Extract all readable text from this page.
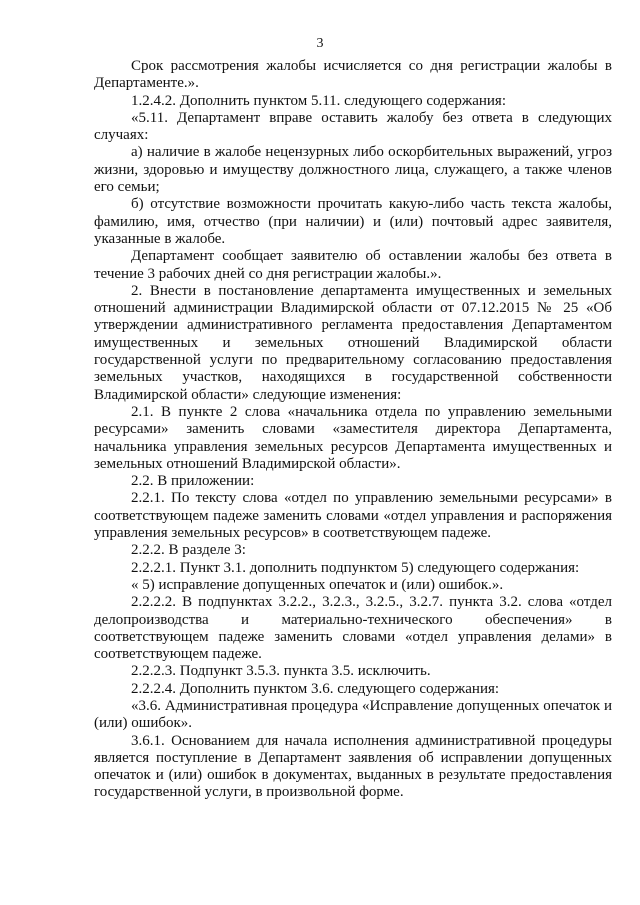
3

Срок рассмотрения жалобы исчисляется со дня регистрации жалобы в Департаменте.».

1.2.4.2. Дополнить пунктом 5.11. следующего содержания:

«5.11. Департамент вправе оставить жалобу без ответа в следующих случаях:

а) наличие в жалобе нецензурных либо оскорбительных выражений, угроз жизни, здоровью и имуществу должностного лица, служащего, а также членов его семьи;

б) отсутствие возможности прочитать какую-либо часть текста жалобы, фамилию, имя, отчество (при наличии) и (или) почтовый адрес заявителя, указанные в жалобе.

Департамент сообщает заявителю об оставлении жалобы без ответа в течение 3 рабочих дней со дня регистрации жалобы.».

2. Внести в постановление департамента имущественных и земельных отношений администрации Владимирской области от 07.12.2015 № 25 «Об утверждении административного регламента предоставления Департаментом имущественных и земельных отношений Владимирской области государственной услуги по предварительному согласованию предоставления земельных участков, находящихся в государственной собственности Владимирской области» следующие изменения:

2.1. В пункте 2 слова «начальника отдела по управлению земельными ресурсами» заменить словами «заместителя директора Департамента, начальника управления земельных ресурсов Департамента имущественных и земельных отношений Владимирской области».

2.2. В приложении:

2.2.1. По тексту слова «отдел по управлению земельными ресурсами» в соответствующем падеже заменить словами «отдел управления и распоряжения управления земельных ресурсов» в соответствующем падеже.

2.2.2. В разделе 3:

2.2.2.1. Пункт 3.1. дополнить подпунктом 5) следующего содержания:

« 5) исправление допущенных опечаток и (или) ошибок.».

2.2.2.2. В подпунктах 3.2.2., 3.2.3., 3.2.5., 3.2.7. пункта 3.2. слова «отдел делопроизводства и материально-технического обеспечения» в соответствующем падеже заменить словами «отдел управления делами» в соответствующем падеже.

2.2.2.3. Подпункт 3.5.3. пункта 3.5. исключить.

2.2.2.4. Дополнить пунктом 3.6. следующего содержания:

«3.6. Административная процедура «Исправление допущенных опечаток и (или) ошибок».

3.6.1. Основанием для начала исполнения административной процедуры является поступление в Департамент заявления об исправлении допущенных опечаток и (или) ошибок в документах, выданных в результате предоставления государственной услуги, в произвольной форме.
